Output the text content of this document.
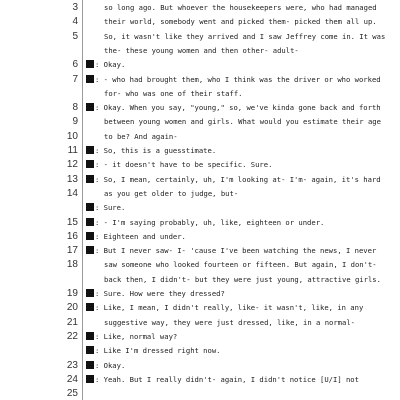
3	so long ago. But whoever the housekeepers were, who had managed
4	their world, somebody went and picked them- picked them all up.
5	So, it wasn't like they arrived and I saw Jeffrey come in. It was
the- these young women and then other- adult-
6	: Okay.
7	: - who had brought them, who I think was the driver or who worked
for- who was one of their staff.
8	: Okay. When you say, "young," so, we've kinda gone back and forth
9	between young women and girls. What would you estimate their age
10	to be? And again-
11	: So, this is a guesstimate.
12	: - it doesn't have to be specific. Sure.
13	: So, I mean, certainly, uh, I'm looking at- I'm- again, it's hard
14	as you get older to judge, but-
: Sure.
15	: - I'm saying probably, uh, like, eighteen or under.
16	: Eighteen and under.
17	: But I never saw- I- 'cause I've been watching the news, I never
18	saw someone who looked fourteen or fifteen. But again, I don't-
back then, I didn't- but they were just young, attractive girls.
19	: Sure. How were they dressed?
20	: Like, I mean, I didn't really, like- it wasn't, like, in any
21	suggestive way, they were just dressed, like, in a normal-
22	: Like, normal way?
: Like I'm dressed right now.
23	: Okay.
24	: Yeah. But I really didn't- again, I didn't notice [U/I] not
25
